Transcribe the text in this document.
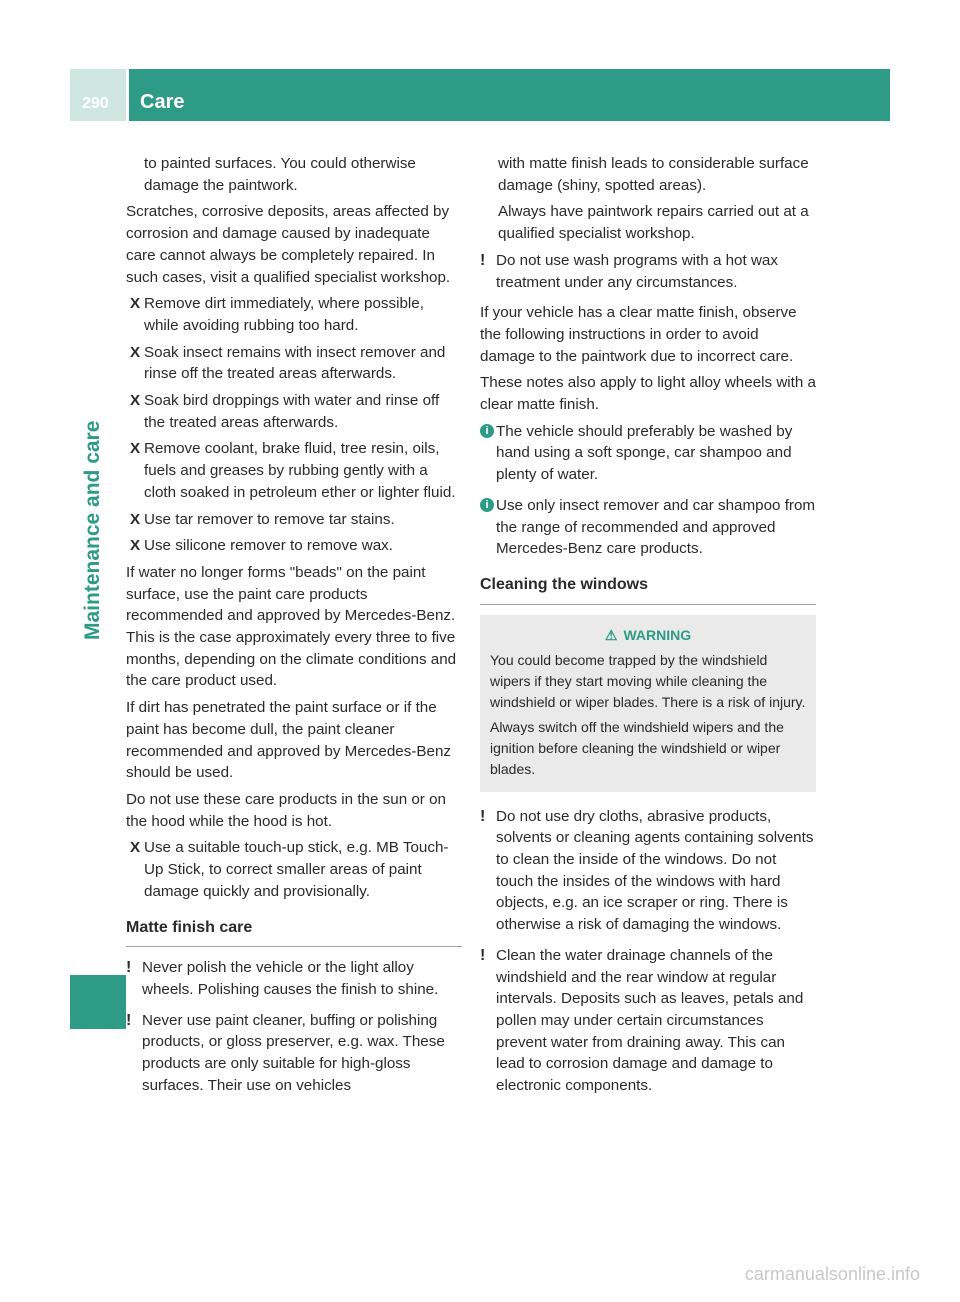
290 Care
Maintenance and care

to painted surfaces. You could otherwise damage the paintwork.

Scratches, corrosive deposits, areas affected by corrosion and damage caused by inadequate care cannot always be completely repaired. In such cases, visit a qualified specialist workshop.

X Remove dirt immediately, where possible, while avoiding rubbing too hard.
X Soak insect remains with insect remover and rinse off the treated areas afterwards.
X Soak bird droppings with water and rinse off the treated areas afterwards.
X Remove coolant, brake fluid, tree resin, oils, fuels and greases by rubbing gently with a cloth soaked in petroleum ether or lighter fluid.
X Use tar remover to remove tar stains.
X Use silicone remover to remove wax.

If water no longer forms "beads" on the paint surface, use the paint care products recommended and approved by Mercedes-Benz. This is the case approximately every three to five months, depending on the climate conditions and the care product used.

If dirt has penetrated the paint surface or if the paint has become dull, the paint cleaner recommended and approved by Mercedes-Benz should be used.

Do not use these care products in the sun or on the hood while the hood is hot.

X Use a suitable touch-up stick, e.g. MB Touch-Up Stick, to correct smaller areas of paint damage quickly and provisionally.
Matte finish care
! Never polish the vehicle or the light alloy wheels. Polishing causes the finish to shine.
! Never use paint cleaner, buffing or polishing products, or gloss preserver, e.g. wax. These products are only suitable for high-gloss surfaces. Their use on vehicles

with matte finish leads to considerable surface damage (shiny, spotted areas).

Always have paintwork repairs carried out at a qualified specialist workshop.

! Do not use wash programs with a hot wax treatment under any circumstances.

If your vehicle has a clear matte finish, observe the following instructions in order to avoid damage to the paintwork due to incorrect care.

These notes also apply to light alloy wheels with a clear matte finish.

i The vehicle should preferably be washed by hand using a soft sponge, car shampoo and plenty of water.
i Use only insect remover and car shampoo from the range of recommended and approved Mercedes-Benz care products.
Cleaning the windows
⚠ WARNING

You could become trapped by the windshield wipers if they start moving while cleaning the windshield or wiper blades. There is a risk of injury.

Always switch off the windshield wipers and the ignition before cleaning the windshield or wiper blades.

! Do not use dry cloths, abrasive products, solvents or cleaning agents containing solvents to clean the inside of the windows. Do not touch the insides of the windows with hard objects, e.g. an ice scraper or ring. There is otherwise a risk of damaging the windows.
! Clean the water drainage channels of the windshield and the rear window at regular intervals. Deposits such as leaves, petals and pollen may under certain circumstances prevent water from draining away. This can lead to corrosion damage and damage to electronic components.
carmanualsonline.info
